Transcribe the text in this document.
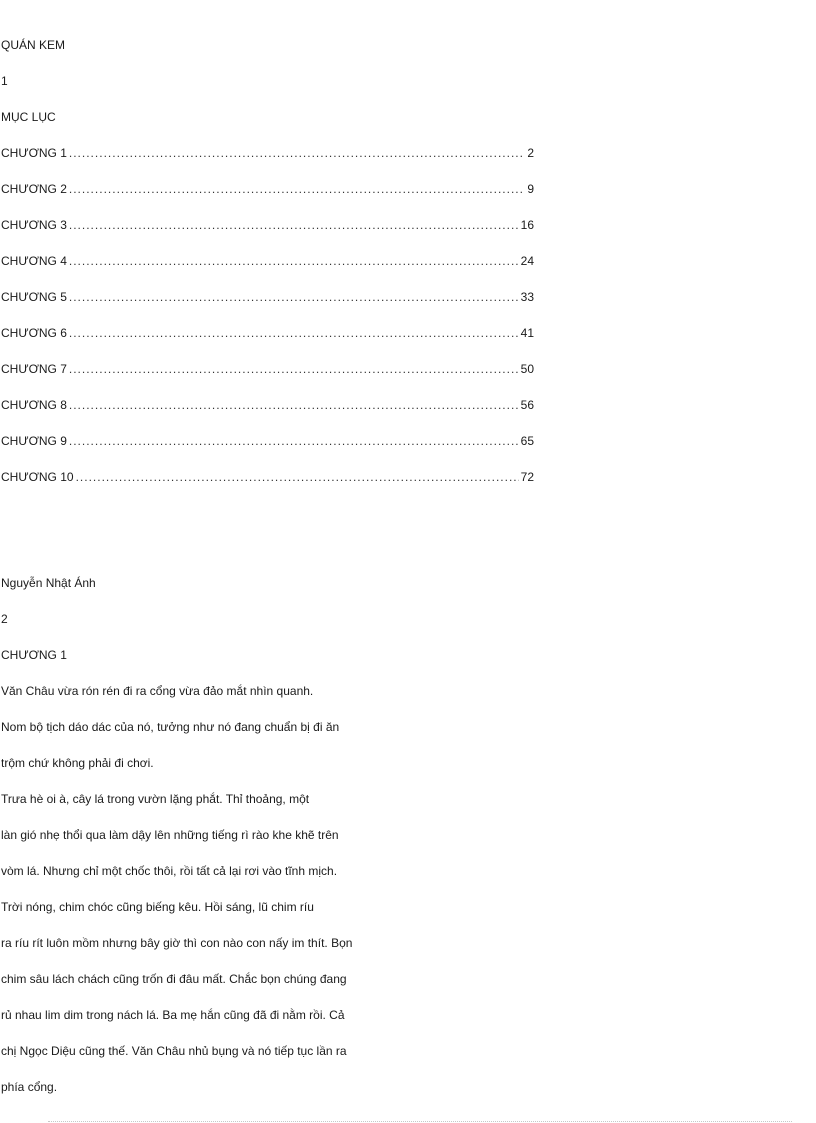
QUÁN KEM
1
MỤC LỤC
CHƯƠNG 1 .....	2
CHƯƠNG 2 .....	9
CHƯƠNG 3 .....	16
CHƯƠNG 4 .....	24
CHƯƠNG 5 .....	33
CHƯƠNG 6 .....	41
CHƯƠNG 7 .....	50
CHƯƠNG 8 .....	56
CHƯƠNG 9 .....	65
CHƯƠNG 10 .....	72
Nguyễn Nhật Ánh
2
CHƯƠNG 1
Văn Châu vừa rón rén đi ra cổng vừa đảo mắt nhìn quanh.
Nom bộ tịch dáo dác của nó, tưởng như nó đang chuẩn bị đi ăn
trộm chứ không phải đi chơi.
Trưa hè oi à, cây lá trong vườn lặng phắt. Thỉ thoảng, một
làn gió nhẹ thổi qua làm dậy lên những tiếng rì rào khe khẽ trên
vòm lá. Nhưng chỉ một chốc thôi, rồi tất cả lại rơi vào tĩnh mịch.
Trời nóng, chim chóc cũng biếng kêu. Hồi sáng, lũ chim ríu
ra ríu rít luôn mồm nhưng bây giờ thì con nào con nấy im thít. Bọn
chim sâu lách chách cũng trốn đi đâu mất. Chắc bọn chúng đang
rủ nhau lim dim trong nách lá. Ba mẹ hắn cũng đã đi nằm rồi. Cả
chị Ngọc Diệu cũng thế. Văn Châu nhủ bụng và nó tiếp tục lần ra
phía cổng.
